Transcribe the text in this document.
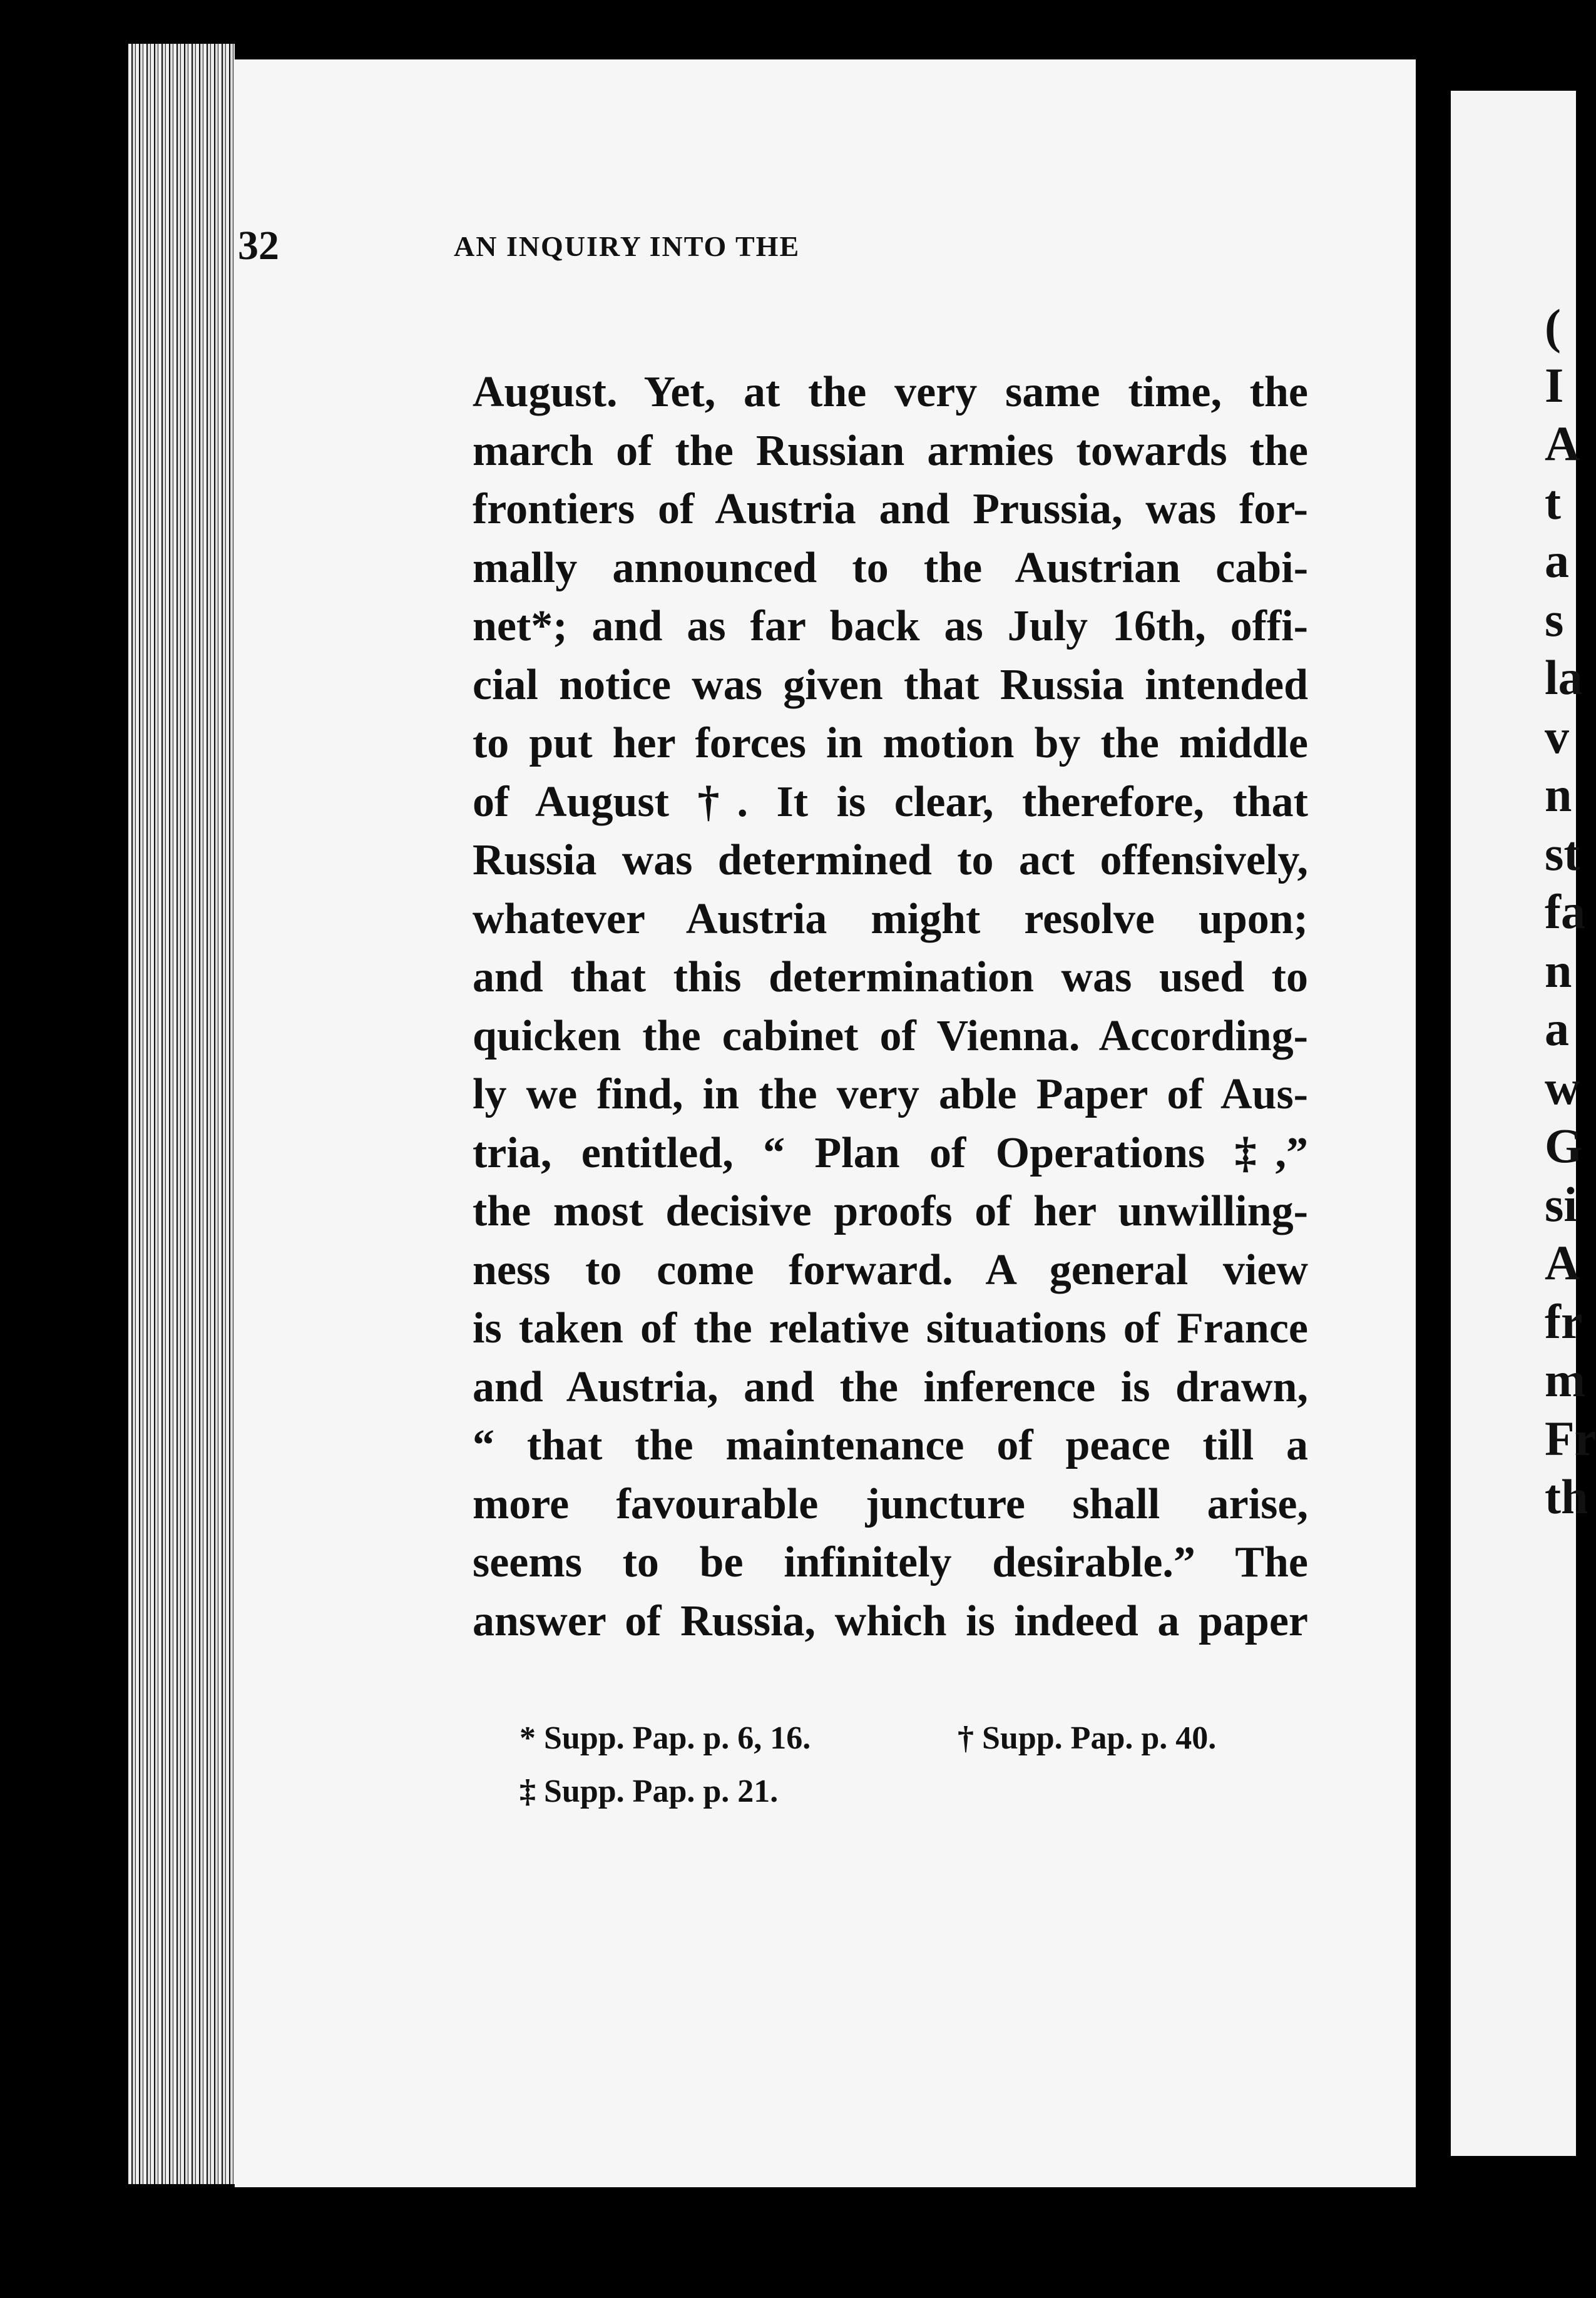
(
I
A
t
a
s
la
v
n
st
fa
n
a
w
G
si
A
fr
m
Fr
th
32	AN INQUIRY INTO THE
August. Yet, at the very same time, the
march of the Russian armies towards the
frontiers of Austria and Prussia, was for-
mally announced to the Austrian cabi-
net*; and as far back as July 16th, offi-
cial notice was given that Russia intended
to put her forces in motion by the middle
of August †. It is clear, therefore, that
Russia was determined to act offensively,
whatever Austria might resolve upon;
and that this determination was used to
quicken the cabinet of Vienna. According-
ly we find, in the very able Paper of Aus-
tria, entitled, “ Plan of Operations ‡,”
the most decisive proofs of her unwilling-
ness to come forward. A general view
is taken of the relative situations of France
and Austria, and the inference is drawn,
“ that the maintenance of peace till a
more favourable juncture shall arise,
seems to be infinitely desirable.” The
answer of Russia, which is indeed a paper
* Supp. Pap. p. 6, 16.	† Supp. Pap. p. 40.
‡ Supp. Pap. p. 21.
